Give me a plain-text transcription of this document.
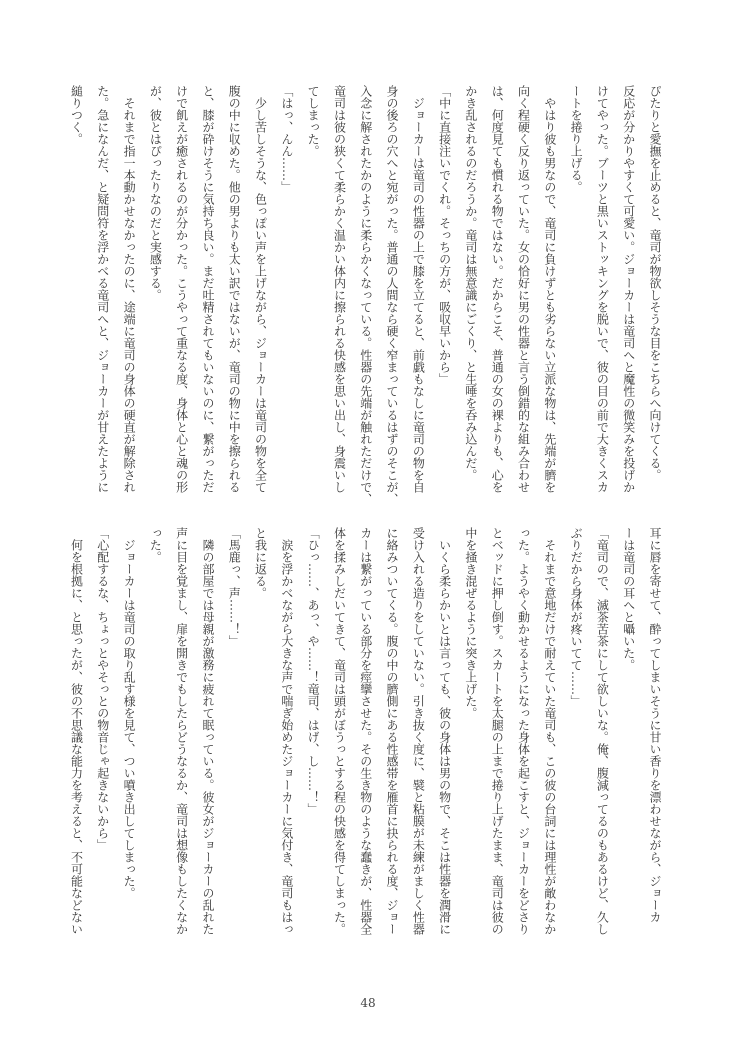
ぴたりと愛撫を止めると、竜司が物欲しそうな目をこちらへ向けてくる。
反応が分かりやすくて可愛い。ジョーカーは竜司へと魔性の微笑みを投げか
けてやった。ブーツと黒いストッキングを脱いで、彼の目の前で大きくスカ
ートを捲り上げる。
　やはり彼も男なので、竜司に負けずとも劣らない立派な物は、先端が臍を
向く程硬く反り返っていた。女の恰好に男の性器と言う倒錯的な組み合わせ
は、何度見ても慣れる物ではない。だからこそ、普通の女の裸よりも、心を
かき乱されるのだろうか。竜司は無意識にごくり、と生唾を呑み込んだ。
「中に直接注いでくれ。そっちの方が、吸収早いから」
　ジョーカーは竜司の性器の上で膝を立てると、前戯もなしに竜司の物を自
身の後ろの穴へと宛がった。普通の人間なら硬く窄まっているはずのそこが、
入念に解されたかのように柔らかくなっている。性器の先端が触れただけで、
竜司は彼の狭くて柔らかく温かい体内に擦られる快感を思い出し、身震いし
てしまった。
「はっ、んん……」
　少し苦しそうな、色っぽい声を上げながら、ジョーカーは竜司の物を全て
腹の中に収めた。他の男よりも太い訳ではないが、竜司の物に中を擦られる
と、膝が砕けそうに気持ち良い。まだ吐精されてもいないのに、繋がっただ
けで飢えが癒されるのが分かった。こうやって重なる度、身体と心と魂の形
が、彼とはぴったりなのだと実感する。
　それまで指一本動かせなかったのに、途端に竜司の身体の硬直が解除され
た。急になんだ、と疑問符を浮かべる竜司へと、ジョーカーが甘えたように
縋りつく。
耳に唇を寄せて、酔ってしまいそうに甘い香りを漂わせながら、ジョーカ
ーは竜司の耳へと囁いた。
「竜司ので、滅茶苦茶にして欲しいな。俺、腹減ってるのもあるけど、久し
ぶりだから身体が疼いてて……」
　それまで意地だけで耐えていた竜司も、この彼の台詞には理性が敵わなか
った。ようやく動かせるようになった身体を起こすと、ジョーカーをどさり
とベッドに押し倒す。スカートを太腿の上まで捲り上げたまま、竜司は彼の
中を掻き混ぜるように突き上げた。
　いくら柔らかいとは言っても、彼の身体は男の物で、そこは性器を潤滑に
受け入れる造りをしていない。引き抜く度に、襞と粘膜が未練がましく性器
に絡みついてくる。腹の中の臍側にある性感帯を雁首に抉られる度、ジョー
カーは繋がっている部分を痙攣させた。その生き物のような蠢きが、性器全
体を揉みしだいてきて、竜司は頭がぼうっとする程の快感を得てしまった。
「ひっ……、あっ、や……！竜司、はげ、し……！」
　涙を浮かべながら大きな声で喘ぎ始めたジョーカーに気付き、竜司もはっ
と我に返る。
「馬鹿っ、声……！」
　隣の部屋では母親が激務に疲れて眠っている。彼女がジョーカーの乱れた
声に目を覚まし、扉を開きでもしたらどうなるか、竜司は想像もしたくなか
った。
　ジョーカーは竜司の取り乱す様を見て、つい噴き出してしまった。
「心配するな、ちょっとやそっとの物音じゃ起きないから」
　何を根拠に、と思ったが、彼の不思議な能力を考えると、不可能などない
48
